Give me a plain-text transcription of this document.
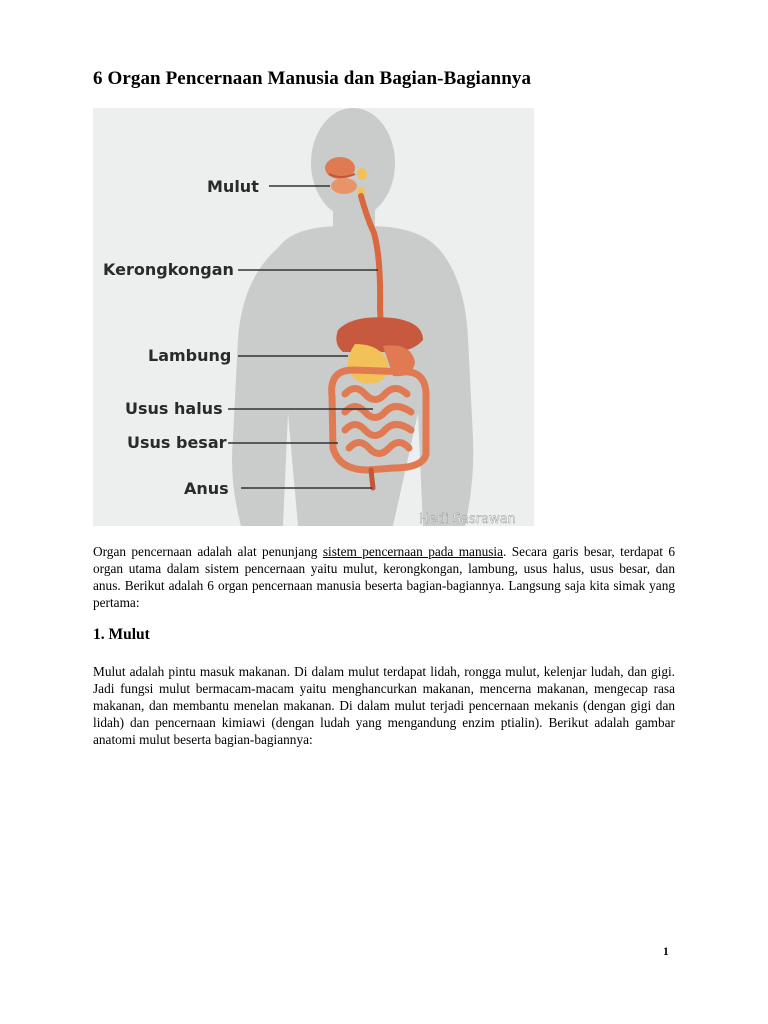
6 Organ Pencernaan Manusia dan Bagian-Bagiannya
Mulut
Kerongkongan
Lambung
Usus halus
Usus besar
Anus
Hedi Sasrawan

Organ pencernaan adalah alat penunjang sistem pencernaan pada manusia. Secara garis besar, terdapat 6 organ utama dalam sistem pencernaan yaitu mulut, kerongkongan, lambung, usus halus, usus besar, dan anus. Berikut adalah 6 organ pencernaan manusia beserta bagian-bagiannya. Langsung saja kita simak yang pertama:

1. Mulut

Mulut adalah pintu masuk makanan. Di dalam mulut terdapat lidah, rongga mulut, kelenjar ludah, dan gigi. Jadi fungsi mulut bermacam-macam yaitu menghancurkan makanan, mencerna makanan, mengecap rasa makanan, dan membantu menelan makanan. Di dalam mulut terjadi pencernaan mekanis (dengan gigi dan lidah) dan pencernaan kimiawi (dengan ludah yang mengandung enzim ptialin). Berikut adalah gambar anatomi mulut beserta bagian-bagiannya:

1
